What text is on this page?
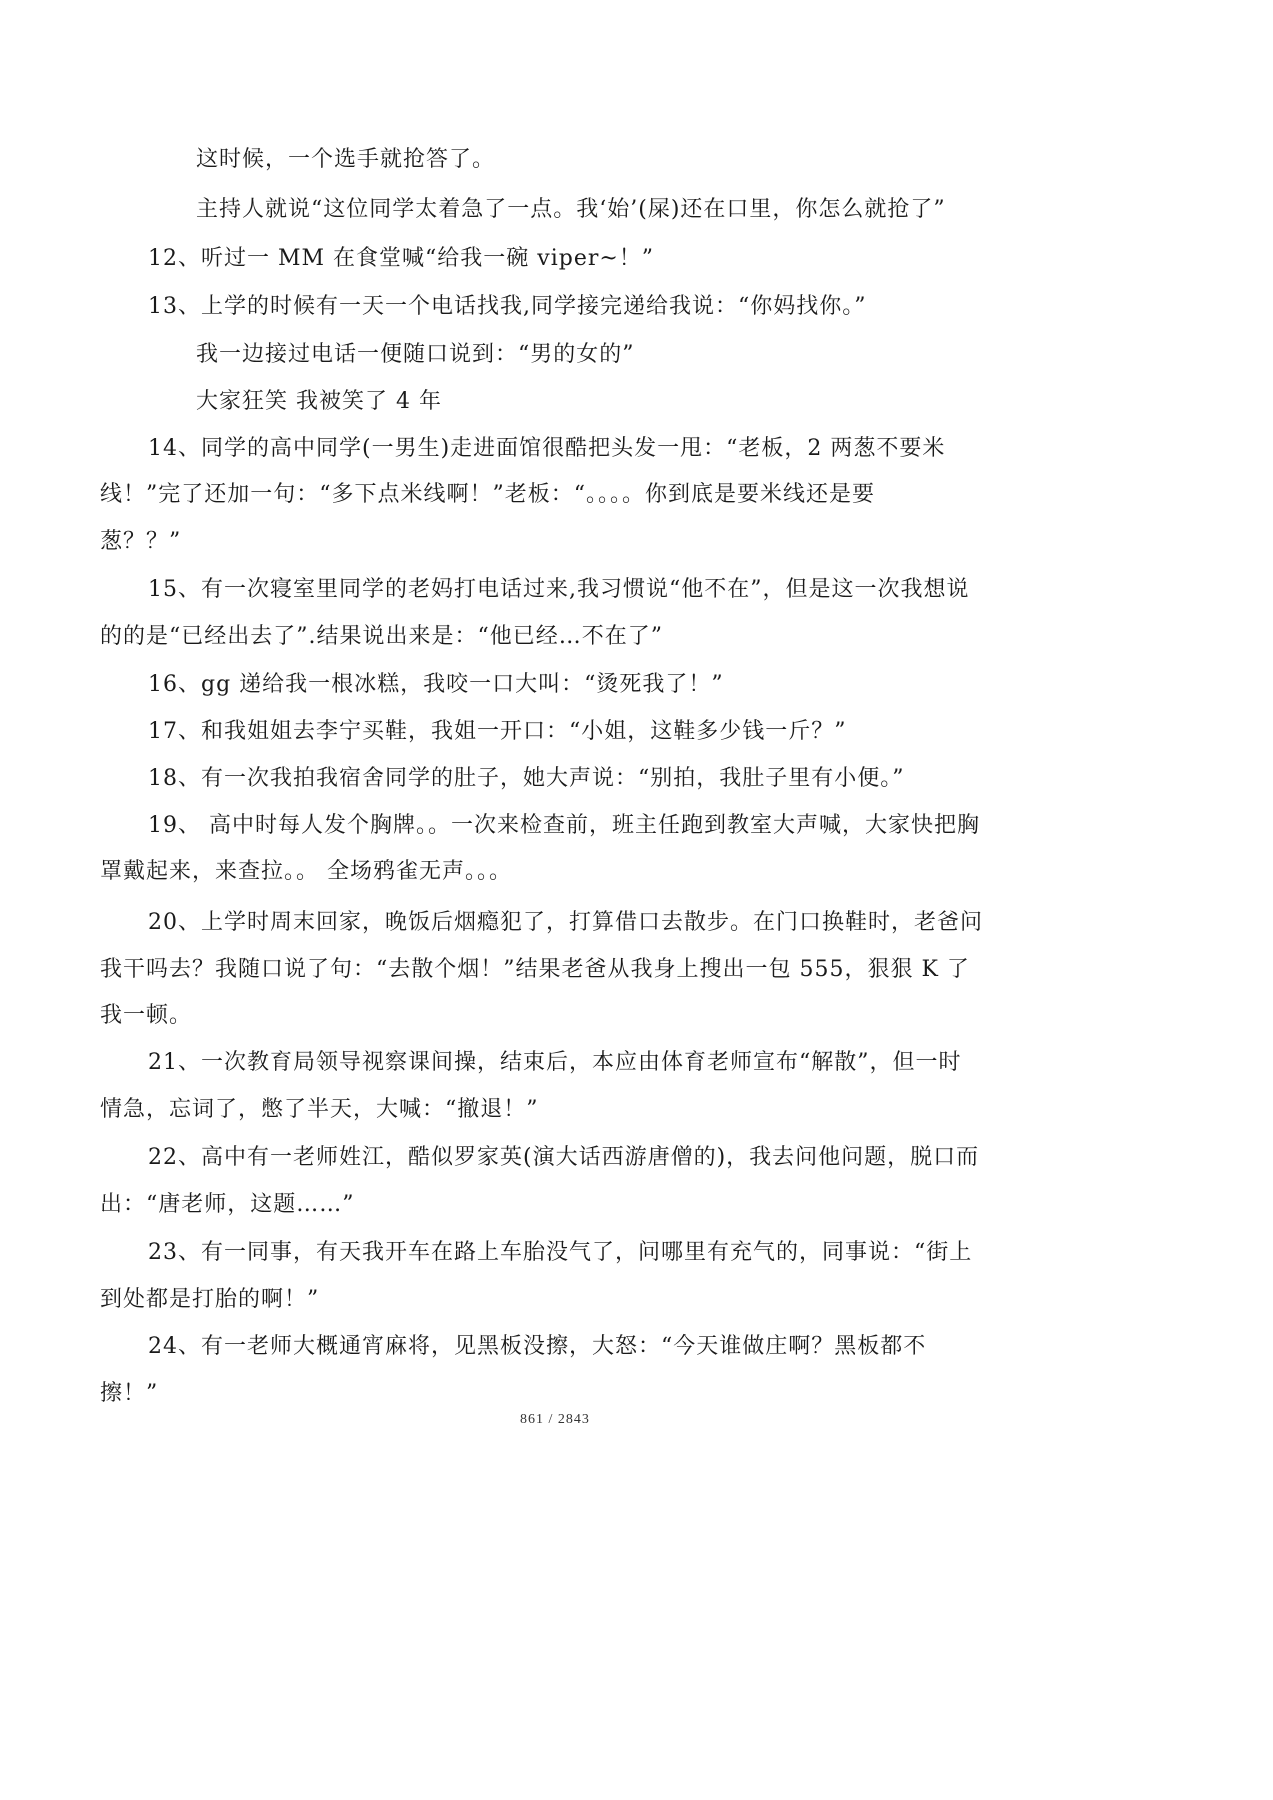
这时候，一个选手就抢答了。
主持人就说“这位同学太着急了一点。我‘始’(屎)还在口里，你怎么就抢了”
12、听过一 MM 在食堂喊“给我一碗 viper~！”
13、上学的时候有一天一个电话找我,同学接完递给我说：“你妈找你。”
我一边接过电话一便随口说到：“男的女的”
大家狂笑 我被笑了 4 年
14、同学的高中同学(一男生)走进面馆很酷把头发一甩：“老板，2 两葱不要米
线！”完了还加一句：“多下点米线啊！”老板：“。。。。你到底是要米线还是要
葱？？”
15、有一次寝室里同学的老妈打电话过来,我习惯说“他不在”，但是这一次我想说
的的是“已经出去了”.结果说出来是：“他已经…不在了”
16、gg 递给我一根冰糕，我咬一口大叫：“烫死我了！”
17、和我姐姐去李宁买鞋，我姐一开口：“小姐，这鞋多少钱一斤？”
18、有一次我拍我宿舍同学的肚子，她大声说：“别拍，我肚子里有小便。”
19、 高中时每人发个胸牌。。一次来检查前，班主任跑到教室大声喊，大家快把胸
罩戴起来，来查拉。。 全场鸦雀无声。。。
20、上学时周末回家，晚饭后烟瘾犯了，打算借口去散步。在门口换鞋时，老爸问
我干吗去？我随口说了句：“去散个烟！”结果老爸从我身上搜出一包 555，狠狠 K 了
我一顿。
21、一次教育局领导视察课间操，结束后，本应由体育老师宣布“解散”，但一时
情急，忘词了，憋了半天，大喊：“撤退！”
22、高中有一老师姓江，酷似罗家英(演大话西游唐僧的)，我去问他问题，脱口而
出：“唐老师，这题……”
23、有一同事，有天我开车在路上车胎没气了，问哪里有充气的，同事说：“街上
到处都是打胎的啊！”
24、有一老师大概通宵麻将，见黑板没擦，大怒：“今天谁做庄啊？黑板都不
擦！”
861 / 2843
